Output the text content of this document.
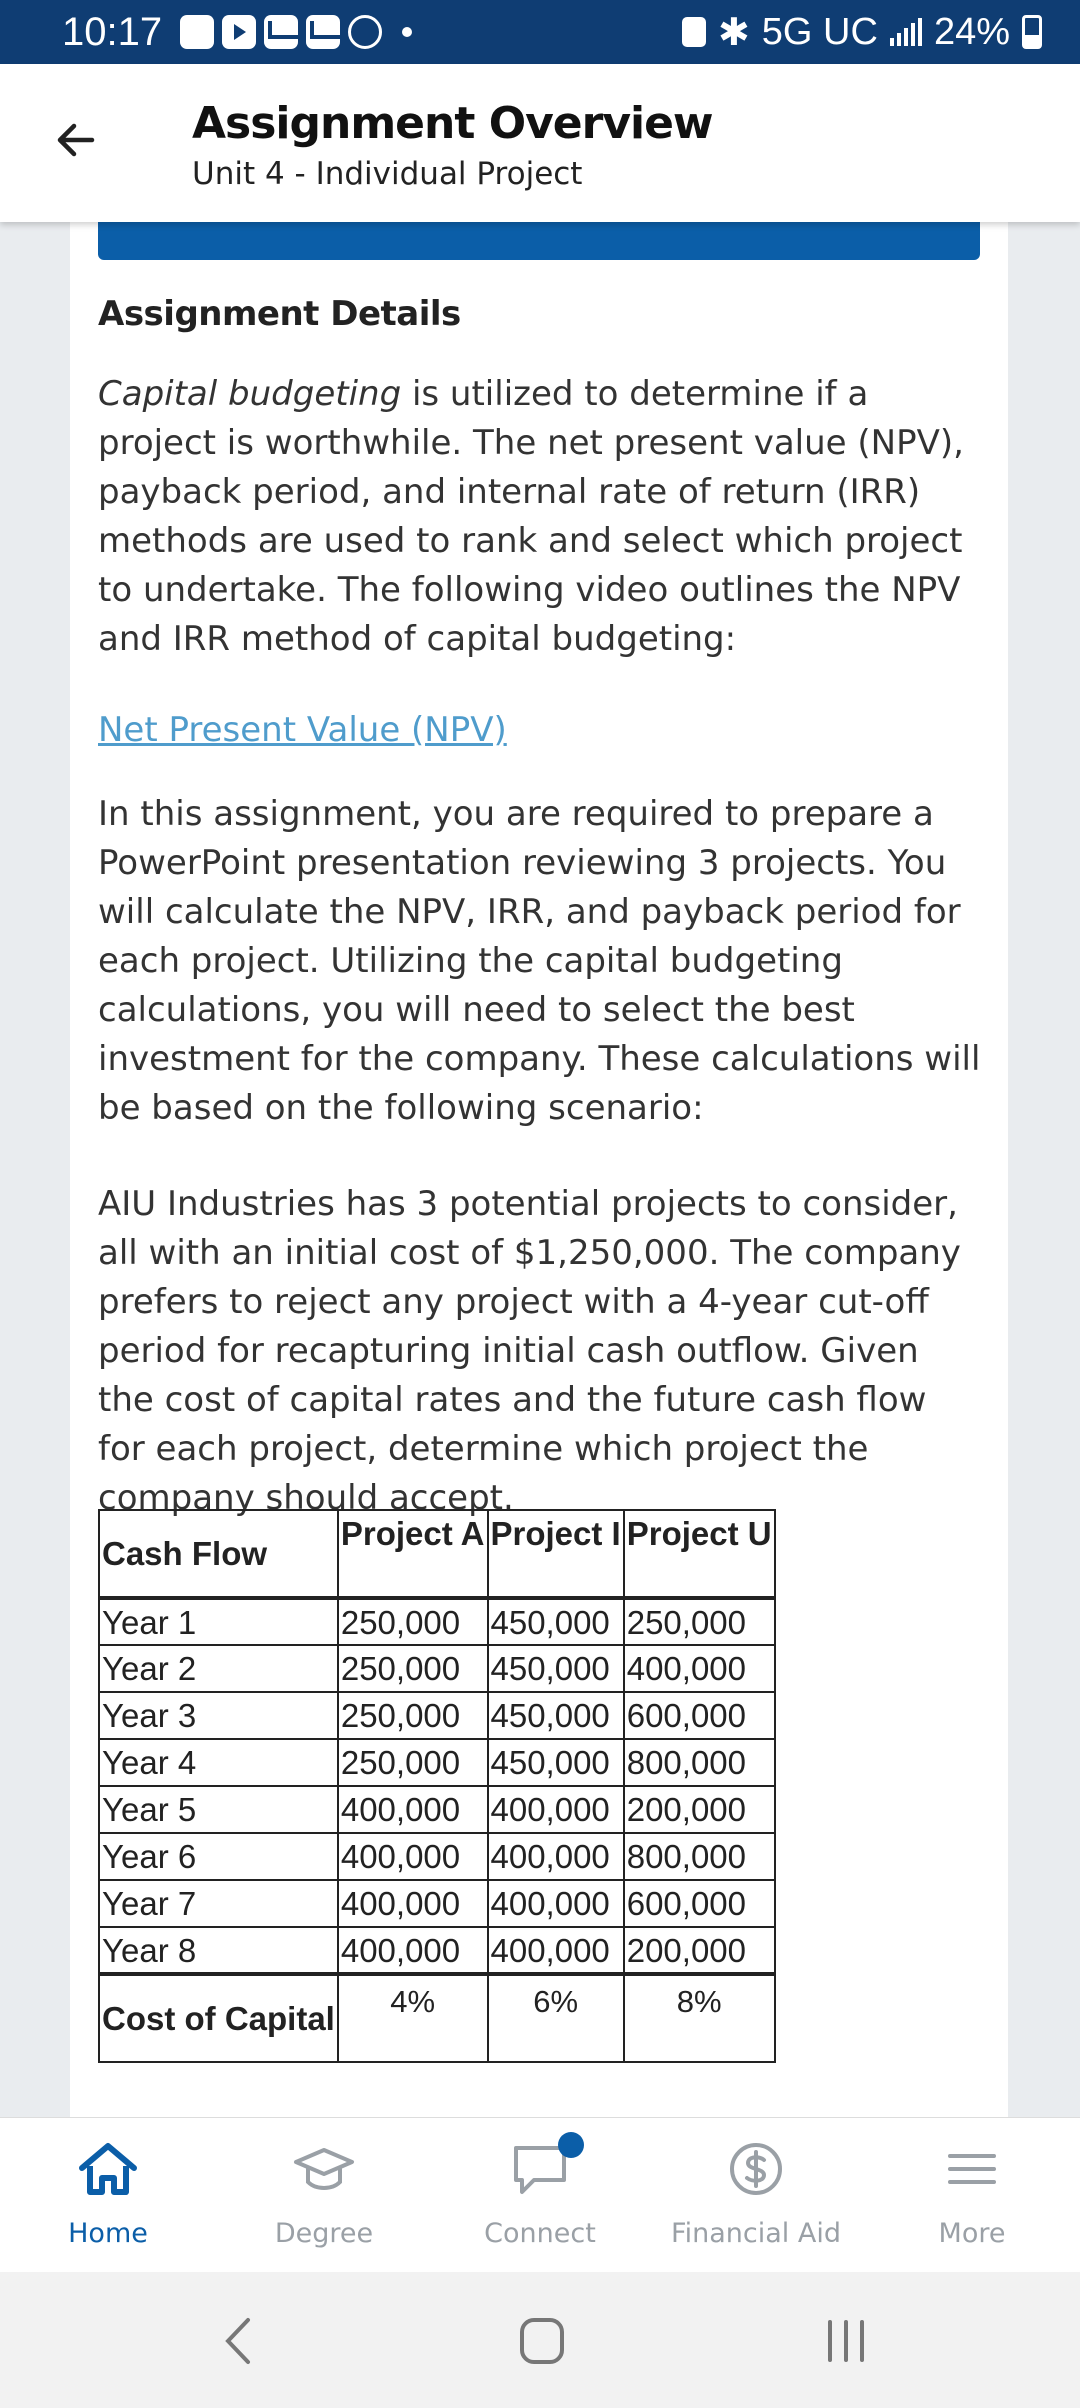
10:17	✱ 5G UC 24%
Assignment Overview
Unit 4 - Individual Project
Assignment Details

Capital budgeting is utilized to determine if a project is worthwhile. The net present value (NPV), payback period, and internal rate of return (IRR) methods are used to rank and select which project to undertake. The following video outlines the NPV and IRR method of capital budgeting:

Net Present Value (NPV)

In this assignment, you are required to prepare a PowerPoint presentation reviewing 3 projects. You will calculate the NPV, IRR, and payback period for each project. Utilizing the capital budgeting calculations, you will need to select the best investment for the company. These calculations will be based on the following scenario:

AIU Industries has 3 potential projects to consider, all with an initial cost of $1,250,000. The company prefers to reject any project with a 4-year cut-off period for recapturing initial cash outflow. Given the cost of capital rates and the future cash flow for each project, determine which project the company should accept.

Cash Flow	Project A	Project I	Project U
Year 1	250,000	450,000	250,000
Year 2	250,000	450,000	400,000
Year 3	250,000	450,000	600,000
Year 4	250,000	450,000	800,000
Year 5	400,000	400,000	200,000
Year 6	400,000	400,000	800,000
Year 7	400,000	400,000	600,000
Year 8	400,000	400,000	200,000
Cost of Capital	4%	6%	8%
Home	Degree	Connect	Financial Aid	More
